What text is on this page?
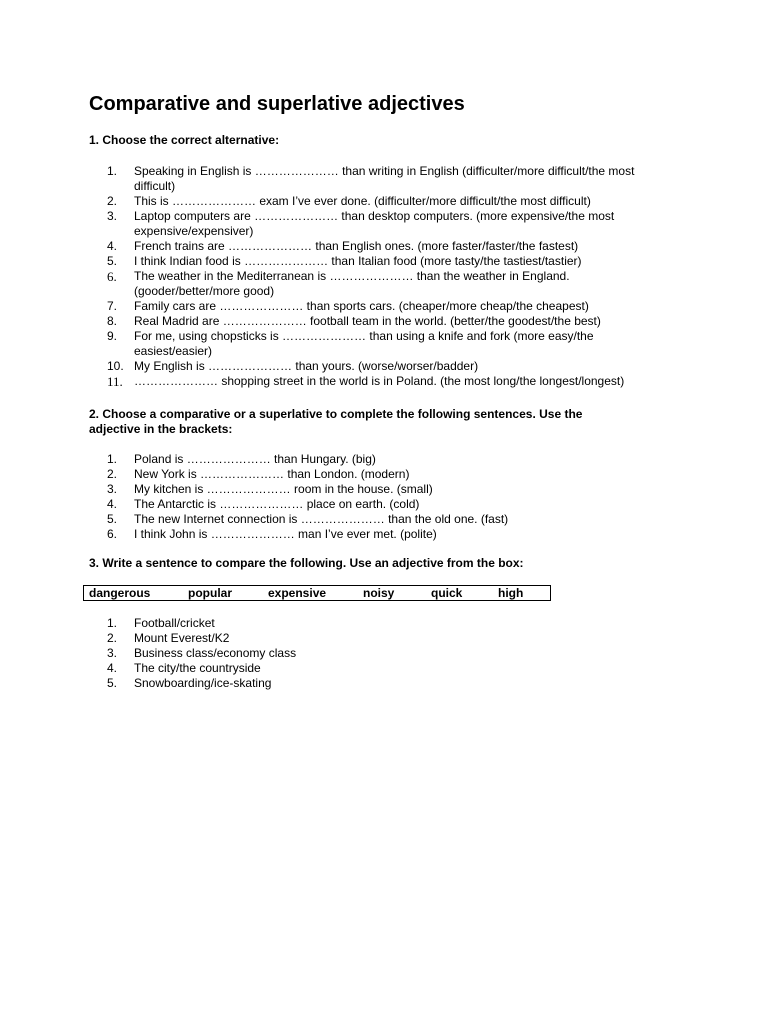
Comparative and superlative adjectives

1. Choose the correct alternative:

1.	Speaking in English is ………………… than writing in English (difficulter/more difficult/the most difficult)
2.	This is ………………… exam I’ve ever done. (difficulter/more difficult/the most difficult)
3.	Laptop computers are ………………… than desktop computers. (more expensive/the most expensive/expensiver)
4.	French trains are ………………… than English ones. (more faster/faster/the fastest)
5.	I think Indian food is ………………… than Italian food (more tasty/the tastiest/tastier)
6.	The weather in the Mediterranean is ………………… than the weather in England. (gooder/better/more good)
7.	Family cars are ………………… than sports cars. (cheaper/more cheap/the cheapest)
8.	Real Madrid are ………………… football team in the world. (better/the goodest/the best)
9.	For me, using chopsticks is ………………… than using a knife and fork (more easy/the easiest/easier)
10. My English is ………………… than yours. (worse/worser/badder)
11. ………………… shopping street in the world is in Poland. (the most long/the longest/longest)

2. Choose a comparative or a superlative to complete the following sentences. Use the adjective in the brackets:

1.	Poland is ………………… than Hungary. (big)
2.	New York is ………………… than London. (modern)
3.	My kitchen is ………………… room in the house. (small)
4.	The Antarctic is ………………… place on earth. (cold)
5.	The new Internet connection is ………………… than the old one. (fast)
6.	I think John is ………………… man I’ve ever met. (polite)

3. Write a sentence to compare the following. Use an adjective from the box:

dangerous	popular	expensive	noisy	quick	high
1.	Football/cricket
2.	Mount Everest/K2
3.	Business class/economy class
4.	The city/the countryside
5.	Snowboarding/ice-skating
